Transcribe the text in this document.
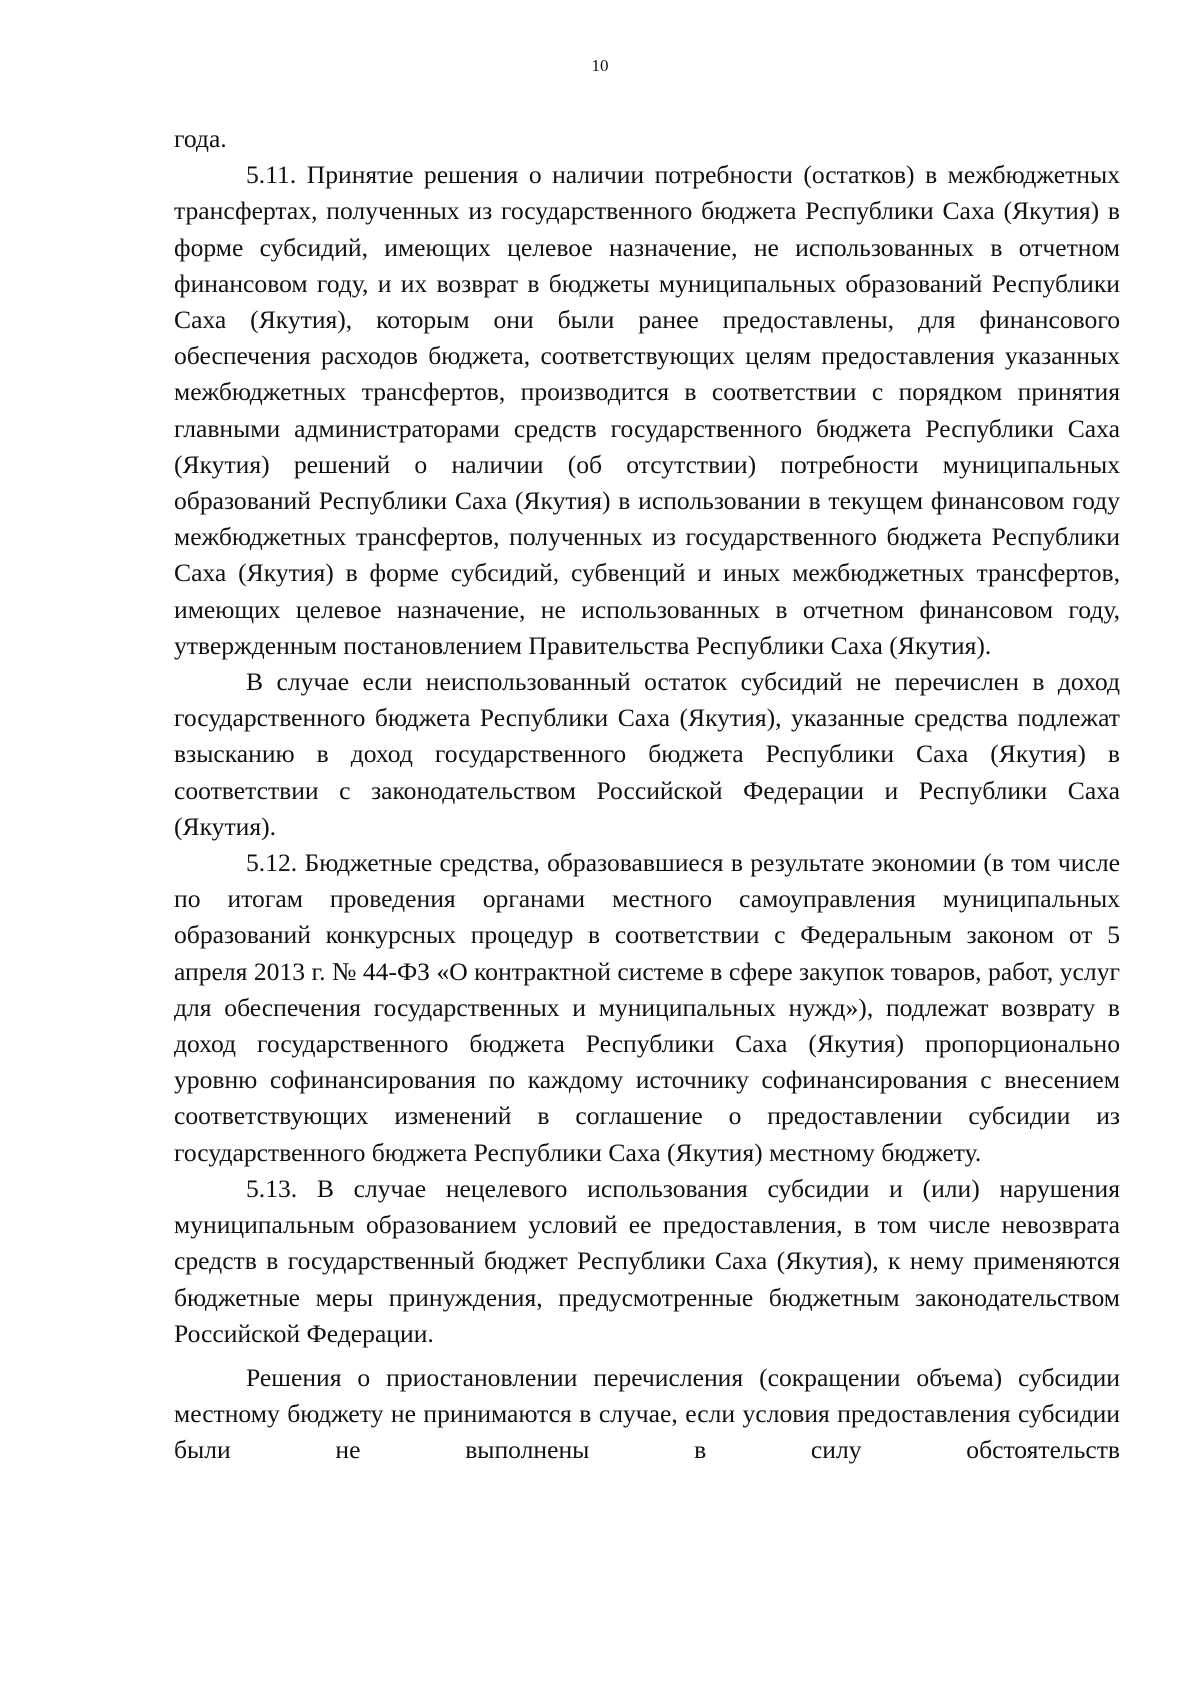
10

года.

5.11. Принятие решения о наличии потребности (остатков) в межбюджетных трансфертах, полученных из государственного бюджета Республики Саха (Якутия) в форме субсидий, имеющих целевое назначение, не использованных в отчетном финансовом году, и их возврат в бюджеты муниципальных образований Республики Саха (Якутия), которым они были ранее предоставлены, для финансового обеспечения расходов бюджета, соответствующих целям предоставления указанных межбюджетных трансфертов, производится в соответствии с порядком принятия главными администраторами средств государственного бюджета Республики Саха (Якутия) решений о наличии (об отсутствии) потребности муниципальных образований Республики Саха (Якутия) в использовании в текущем финансовом году межбюджетных трансфертов, полученных из государственного бюджета Республики Саха (Якутия) в форме субсидий, субвенций и иных межбюджетных трансфертов, имеющих целевое назначение, не использованных в отчетном финансовом году, утвержденным постановлением Правительства Республики Саха (Якутия).

В случае если неиспользованный остаток субсидий не перечислен в доход государственного бюджета Республики Саха (Якутия), указанные средства подлежат взысканию в доход государственного бюджета Республики Саха (Якутия) в соответствии с законодательством Российской Федерации и Республики Саха (Якутия).

5.12. Бюджетные средства, образовавшиеся в результате экономии (в том числе по итогам проведения органами местного самоуправления муниципальных образований конкурсных процедур в соответствии с Федеральным законом от 5 апреля 2013 г. № 44-ФЗ «О контрактной системе в сфере закупок товаров, работ, услуг для обеспечения государственных и муниципальных нужд»), подлежат возврату в доход государственного бюджета Республики Саха (Якутия) пропорционально уровню софинансирования по каждому источнику софинансирования с внесением соответствующих изменений в соглашение о предоставлении субсидии из государственного бюджета Республики Саха (Якутия) местному бюджету.

5.13. В случае нецелевого использования субсидии и (или) нарушения муниципальным образованием условий ее предоставления, в том числе невозврата средств в государственный бюджет Республики Саха (Якутия), к нему применяются бюджетные меры принуждения, предусмотренные бюджетным законодательством Российской Федерации.

Решения о приостановлении перечисления (сокращении объема) субсидии местному бюджету не принимаются в случае, если условия предоставления субсидии были не выполнены в силу обстоятельств
